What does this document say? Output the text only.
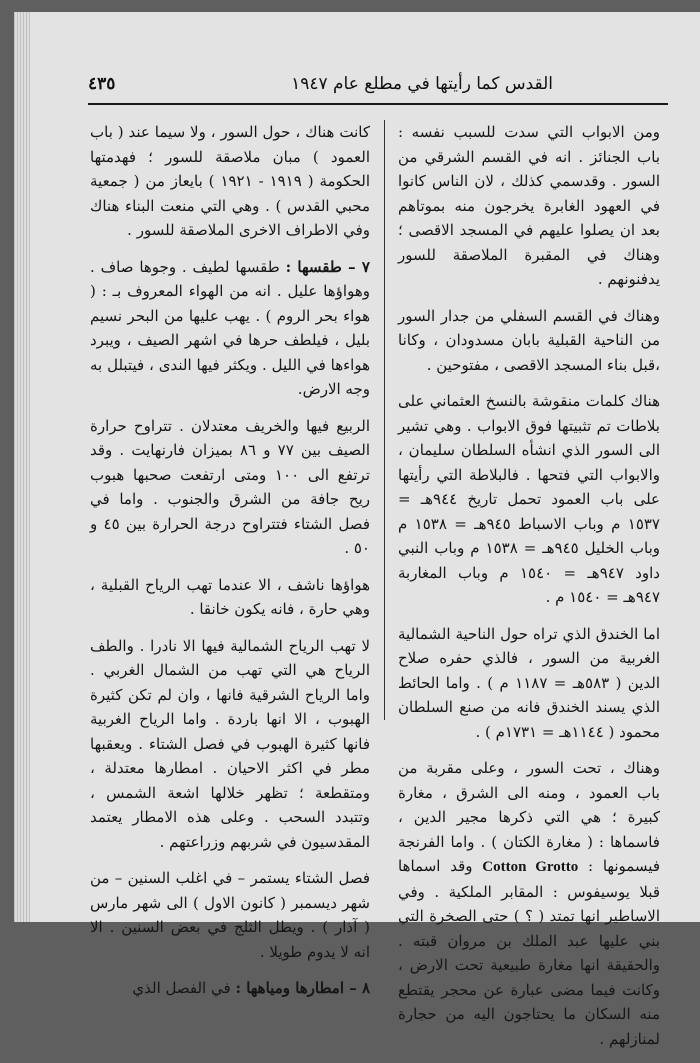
القدس كما رأيتها في مطلع عام ١٩٤٧
٤٣٥

ومن الابواب التي سدت للسبب نفسه : باب الجنائز . انه في القسم الشرقي من السور . وقدسمي كذلك ، لان الناس كانوا في العهود الغابرة يخرجون منه بموتاهم بعد ان يصلوا عليهم في المسجد الاقصى ؛ وهناك في المقبرة الملاصقة للسور يدفنونهم .

وهناك في القسم السفلي من جدار السور من الناحية القبلية بابان مسدودان ، وكانا ،قبل بناء المسجد الاقصى ، مفتوحين .

هناك كلمات منقوشة بالنسخ العثماني على بلاطات تم تثبيتها فوق الابواب . وهي تشير الى السور الذي انشأه السلطان سليمان ، والابواب التي فتحها . فالبلاطة التي رأيتها على باب العمود تحمل تاريخ ٩٤٤هـ = ١٥٣٧ م وباب الاسباط ٩٤٥هـ = ١٥٣٨ م وباب الخليل ٩٤٥هـ = ١٥٣٨ م وباب النبي داود ٩٤٧هـ = ١٥٤٠ م وباب المغاربة ٩٤٧هـ = ١٥٤٠ م .

اما الخندق الذي تراه حول الناحية الشمالية الغربية من السور ، فالذي حفره صلاح الدين ( ٥٨٣هـ = ١١٨٧ م ) . واما الحائط الذي يسند الخندق فانه من صنع السلطان محمود ( ١١٤٤هـ = ١٧٣١م ) .

وهناك ، تحت السور ، وعلى مقربة من باب العمود ، ومنه الى الشرق ، مغارة كبيرة ؛ هي التي ذكرها مجير الدين ، فاسماها : ( مغارة الكتان ) . واما الفرنجة فيسمونها : Cotton Grotto وقد اسماها قبلا يوسيفوس : المقابر الملكية . وفي الاساطير انها تمتد ( ؟ ) حتى الصخرة التي بني عليها عبد الملك بن مروان قبته . والحقيقة انها مغارة طبيعية تحت الارض ، وكانت فيما مضى عبارة عن محجر يقتطع منه السكان ما يحتاجون اليه من حجارة لمنازلهم .

كانت هناك ، حول السور ، ولا سيما عند ( باب العمود ) مبان ملاصقة للسور ؛ فهدمتها الحكومة ( ١٩١٩ - ١٩٢١ ) بايعاز من ( جمعية محبي القدس ) . وهي التي منعت البناء هناك وفي الاطراف الاخرى الملاصقة للسور .

٧ – طقسها : طقسها لطيف . وجوها صاف . وهواؤها عليل . انه من الهواء المعروف بـ : ( هواء بحر الروم ) . يهب عليها من البحر نسيم بليل ، فيلطف حرها في اشهر الصيف ، ويبرد هواءها في الليل . ويكثر فيها الندى ، فيتبلل به وجه الارض.

الربيع فيها والخريف معتدلان . تتراوح حرارة الصيف بين ٧٧ و ٨٦ بميزان فارنهايت . وقد ترتفع الى ١٠٠ ومتى ارتفعت صحبها هبوب ريح جافة من الشرق والجنوب . واما في فصل الشتاء فتتراوح درجة الحرارة بين ٤٥ و ٥٠ .

هواؤها ناشف ، الا عندما تهب الرياح القبلية ، وهي حارة ، فانه يكون خانقا .

لا تهب الرياح الشمالية فيها الا نادرا . والطف الرياح هي التي تهب من الشمال الغربي . واما الرياح الشرقية فانها ، وان لم تكن كثيرة الهبوب ، الا انها باردة . واما الرياح الغربية فانها كثيرة الهبوب في فصل الشتاء . ويعقبها مطر في اكثر الاحيان . امطارها معتدلة ، ومتقطعة ؛ تظهر خلالها اشعة الشمس ، وتتبدد السحب . وعلى هذه الامطار يعتمد المقدسيون في شربهم وزراعتهم .

فصل الشتاء يستمر – في اغلب السنين – من شهر ديسمبر ( كانون الاول ) الى شهر مارس ( آذار ) . ويطل الثلج في بعض السنين . الا انه لا يدوم طويلا .

٨ – امطارها ومياهها : في الفصل الذي
